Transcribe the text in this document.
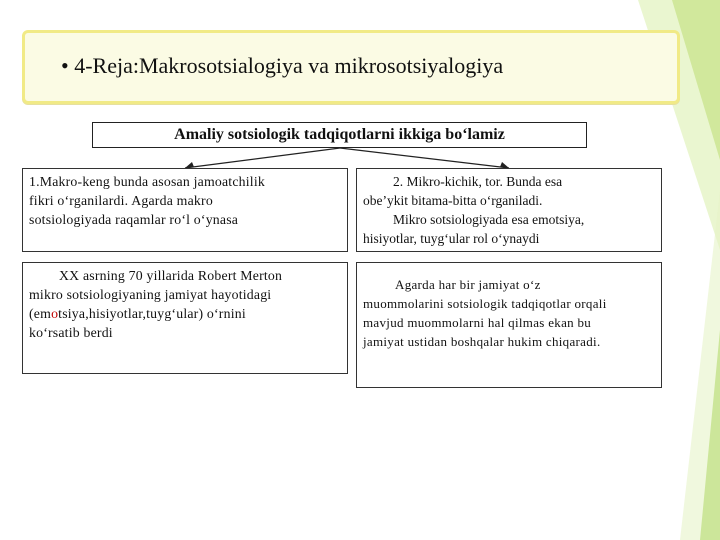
• 4-Reja:Makrosotsialogiya va mikrosotsiyalogiya
Amaliy sotsiologik tadqiqotlarni ikkiga boʻlamiz

1.Makro-keng bunda asosan jamoatchilik

fikri oʻrganilardi. Agarda makro

sotsiologiyada raqamlar roʻl oʻynasa

2. Mikro-kichik, tor. Bunda esa

obeʼykit bitama-bitta oʻrganiladi.

Mikro sotsiologiyada esa emotsiya,

hisiyotlar, tuygʻular rol oʻynaydi

XX asrning 70 yillarida Robert Merton

mikro sotsiologiyaning jamiyat hayotidagi

(emotsiya,hisiyotlar,tuygʻular) oʻrnini

koʻrsatib berdi

Agarda har bir jamiyat oʻz

muommolarini sotsiologik tadqiqotlar orqali

mavjud muommolarni hal qilmas ekan bu

jamiyat ustidan boshqalar hukim chiqaradi.
